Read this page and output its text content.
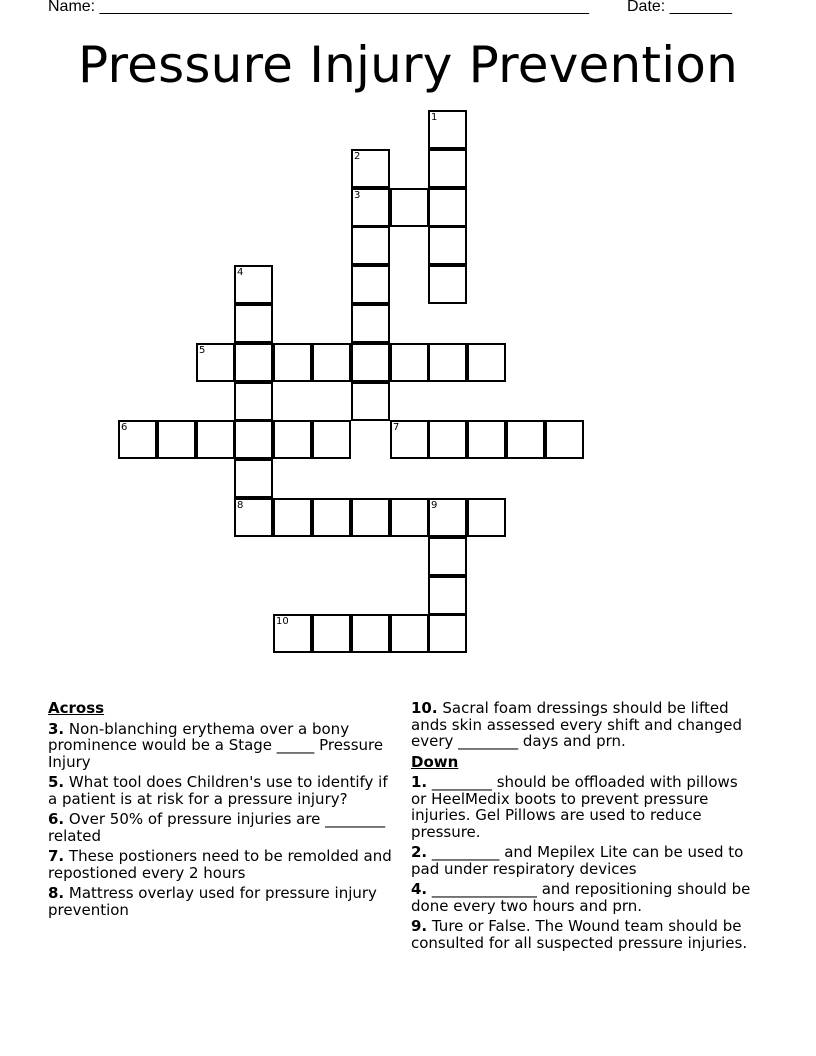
Name: _______________________________________________________ Date: _______
Pressure Injury Prevention
1
2
3
4
5
6	7
8	9
10
Across
3. Non-blanching erythema over a bony prominence would be a Stage _____ Pressure Injury
5. What tool does Children's use to identify if a patient is at risk for a pressure injury?
6. Over 50% of pressure injuries are ________ related
7. These postioners need to be remolded and repostioned every 2 hours
8. Mattress overlay used for pressure injury prevention
10. Sacral foam dressings should be lifted ands skin assessed every shift and changed every ________ days and prn.
Down
1. ________ should be offloaded with pillows or HeelMedix boots to prevent pressure injuries. Gel Pillows are used to reduce pressure.
2. _________ and Mepilex Lite can be used to pad under respiratory devices
4. ______________ and repositioning should be done every two hours and prn.
9. Ture or False. The Wound team should be consulted for all suspected pressure injuries.
